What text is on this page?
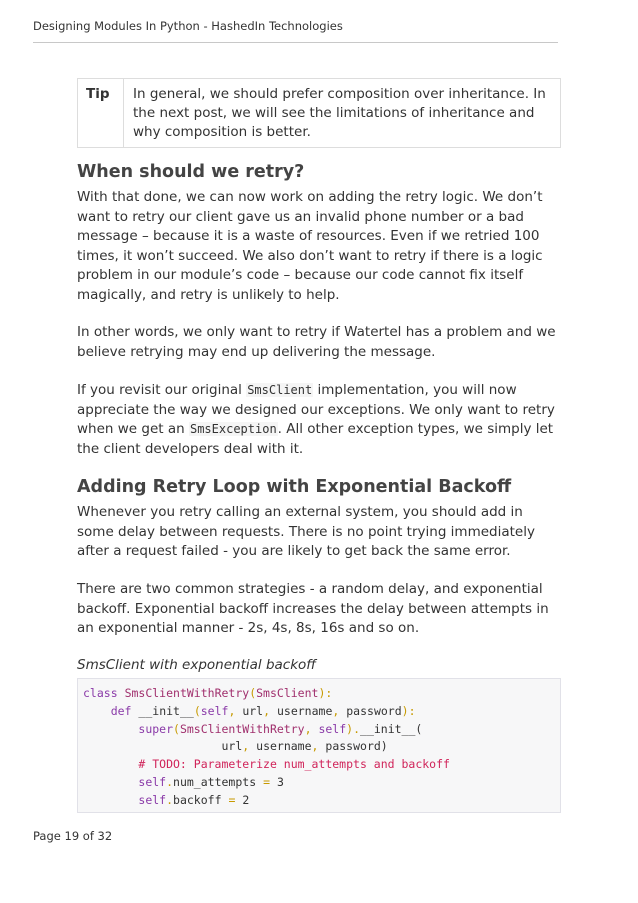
Designing Modules In Python - HashedIn Technologies
Tip	In general, we should prefer composition over inheritance. In the next post, we will see the limitations of inheritance and why composition is better.
When should we retry?

With that done, we can now work on adding the retry logic. We don’t want to retry our client gave us an invalid phone number or a bad message – because it is a waste of resources. Even if we retried 100 times, it won’t succeed. We also don’t want to retry if there is a logic problem in our module’s code – because our code cannot fix itself magically, and retry is unlikely to help.

In other words, we only want to retry if Watertel has a problem and we believe retrying may end up delivering the message.

If you revisit our original SmsClient implementation, you will now appreciate the way we designed our exceptions. We only want to retry when we get an SmsException. All other exception types, we simply let the client developers deal with it.

Adding Retry Loop with Exponential Backoff

Whenever you retry calling an external system, you should add in some delay between requests. There is no point trying immediately after a request failed - you are likely to get back the same error.

There are two common strategies - a random delay, and exponential backoff. Exponential backoff increases the delay between attempts in an exponential manner - 2s, 4s, 8s, 16s and so on.

SmsClient with exponential backoff
class SmsClientWithRetry(SmsClient):
def __init__(self, url, username, password):
super(SmsClientWithRetry, self).__init__(
url, username, password)
# TODO: Parameterize num_attempts and backoff
self.num_attempts = 3
self.backoff = 2
Page 19 of 32
